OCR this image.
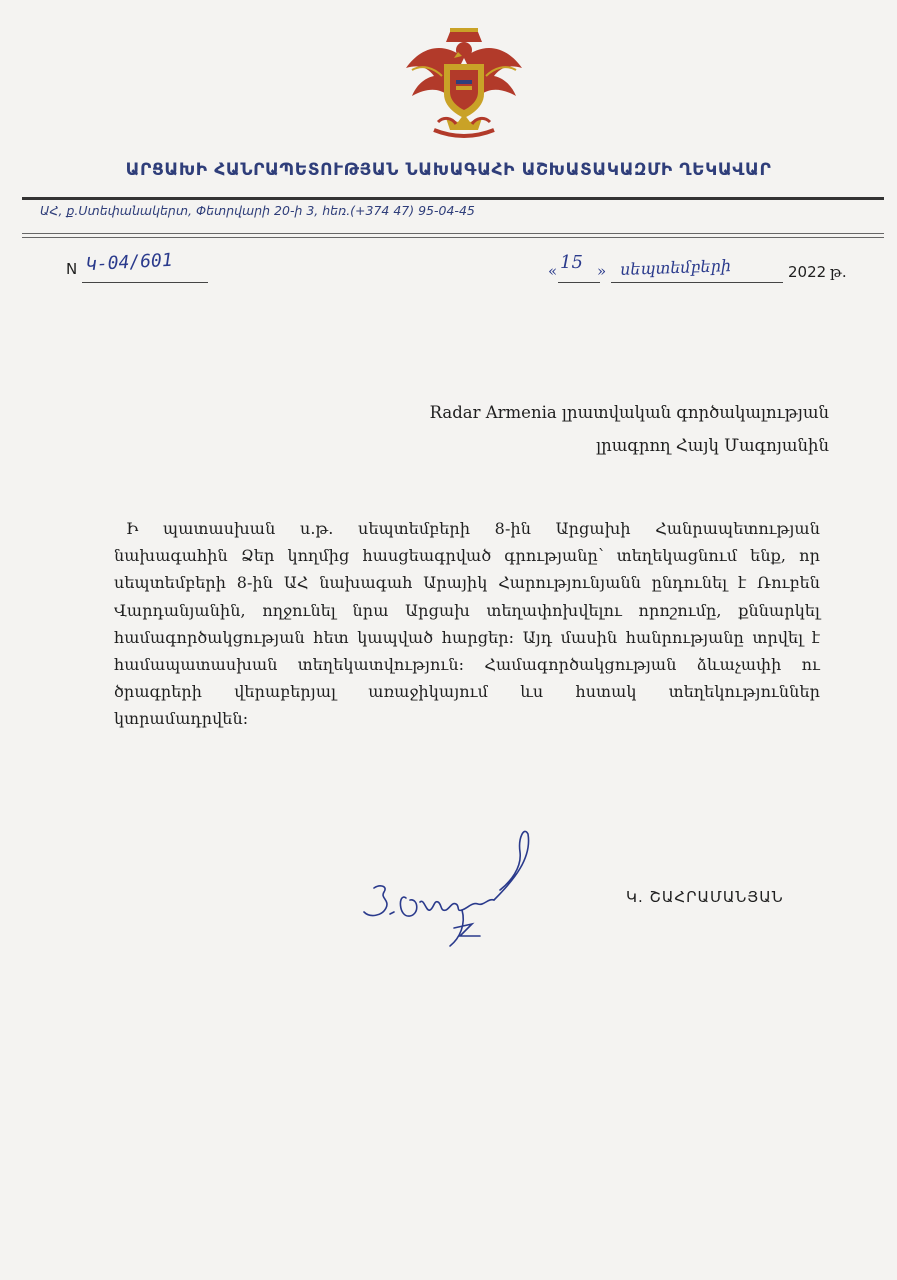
ԱՐՑԱԽԻ ՀԱՆՐԱՊԵՏՈՒԹՅԱՆ ՆԱԽԱԳԱՀԻ ԱՇԽԱՏԱԿԱԶՄԻ ՂԵԿԱՎԱՐ
ԱՀ, ք.Ստեփանակերտ, Փետրվարի 20-ի 3, հեռ.(+374 47) 95-04-45
N Կ-04/601	« 15 » սեպտեմբերի	2022 թ.
Radar Armenia լրատվական գործակալության
լրագրող Հայկ Մագոյանին
Ի պատասխան ս.թ. սեպտեմբերի 8-ին Արցախի Հանրապետության նախագահին Ձեր կողմից հասցեագրված գրությանը՝ տեղեկացնում ենք, որ սեպտեմբերի 8-ին ԱՀ նախագահ Արայիկ Հարությունյանն ընդունել է Ռուբեն Վարդանյանին, ողջունել նրա Արցախ տեղափոխվելու որոշումը, քննարկել համագործակցության հետ կապված հարցեր: Այդ մասին հանրությանը տրվել է համապատասխան տեղեկատվություն: Համագործակցության ձևաչափի ու ծրագրերի վերաբերյալ առաջիկայում ևս հստակ տեղեկություններ կտրամադրվեն:
Կ. ՇԱՀՐԱՄԱՆՅԱՆ
